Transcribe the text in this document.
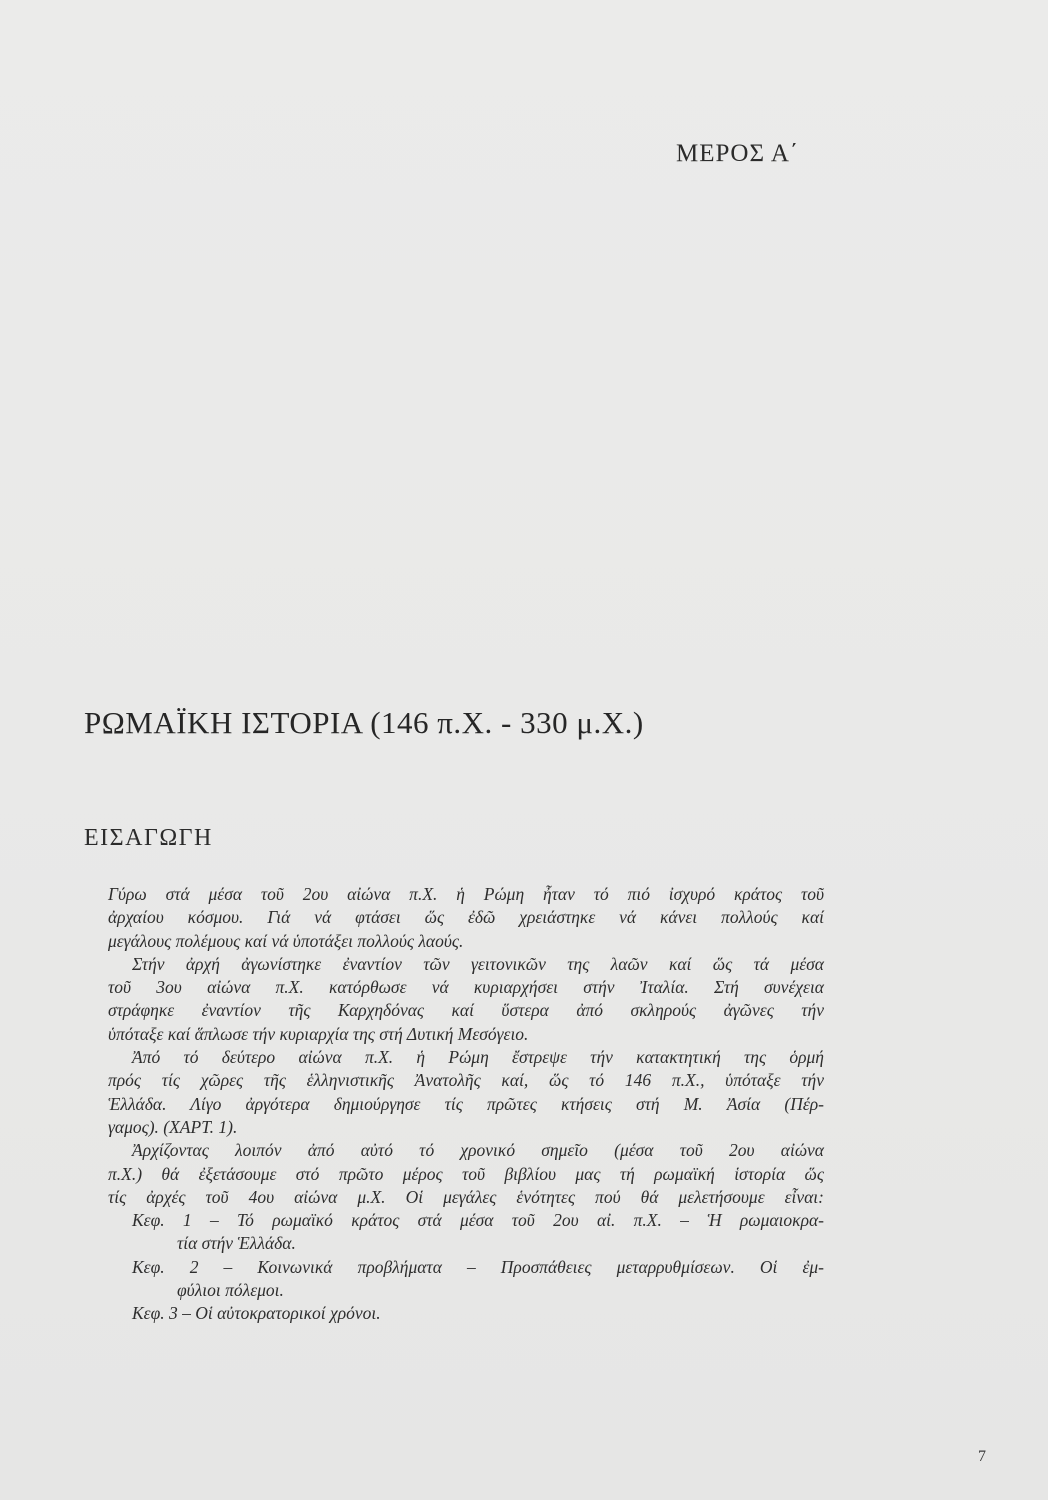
ΜΕΡΟΣ Α΄
ΡΩΜΑΪΚΗ ΙΣΤΟΡΙΑ (146 π.Χ. - 330 μ.Χ.)
ΕΙΣΑΓΩΓΗ
Γύρω στά μέσα τοῦ 2ου αἰώνα π.Χ. ἡ Ρώμη ἦταν τό πιό ἰσχυρό κράτος τοῦ
ἀρχαίου κόσμου. Γιά νά φτάσει ὥς ἐδῶ χρειάστηκε νά κάνει πολλούς καί
μεγάλους πολέμους καί νά ὑποτάξει πολλούς λαούς.
Στήν ἀρχή ἀγωνίστηκε ἐναντίον τῶν γειτονικῶν της λαῶν καί ὥς τά μέσα
τοῦ 3ου αἰώνα π.Χ. κατόρθωσε νά κυριαρχήσει στήν Ἰταλία. Στή συνέχεια
στράφηκε ἐναντίον τῆς Καρχηδόνας καί ὕστερα ἀπό σκληρούς ἀγῶνες τήν
ὑπόταξε καί ἅπλωσε τήν κυριαρχία της στή Δυτική Μεσόγειο.
Ἀπό τό δεύτερο αἰώνα π.Χ. ἡ Ρώμη ἔστρεψε τήν κατακτητική της ὁρμή
πρός τίς χῶρες τῆς ἑλληνιστικῆς Ἀνατολῆς καί, ὥς τό 146 π.Χ., ὑπόταξε τήν
Ἑλλάδα. Λίγο ἀργότερα δημιούργησε τίς πρῶτες κτήσεις στή Μ. Ἀσία (Πέρ-
γαμος). (ΧΑΡΤ. 1).
Ἀρχίζοντας λοιπόν ἀπό αὐτό τό χρονικό σημεῖο (μέσα τοῦ 2ου αἰώνα
π.Χ.) θά ἐξετάσουμε στό πρῶτο μέρος τοῦ βιβλίου μας τή ρωμαϊκή ἱστορία ὥς
τίς ἀρχές τοῦ 4ου αἰώνα μ.Χ. Οἱ μεγάλες ἑνότητες πού θά μελετήσουμε εἶναι:
Κεφ. 1 – Τό ρωμαϊκό κράτος στά μέσα τοῦ 2ου αἰ. π.Χ. – Ἡ ρωμαιοκρα-
τία στήν Ἑλλάδα.
Κεφ. 2 – Κοινωνικά προβλήματα – Προσπάθειες μεταρρυθμίσεων. Οἱ ἐμ-
φύλιοι πόλεμοι.
Κεφ. 3 – Οἱ αὐτοκρατορικοί χρόνοι.
7
